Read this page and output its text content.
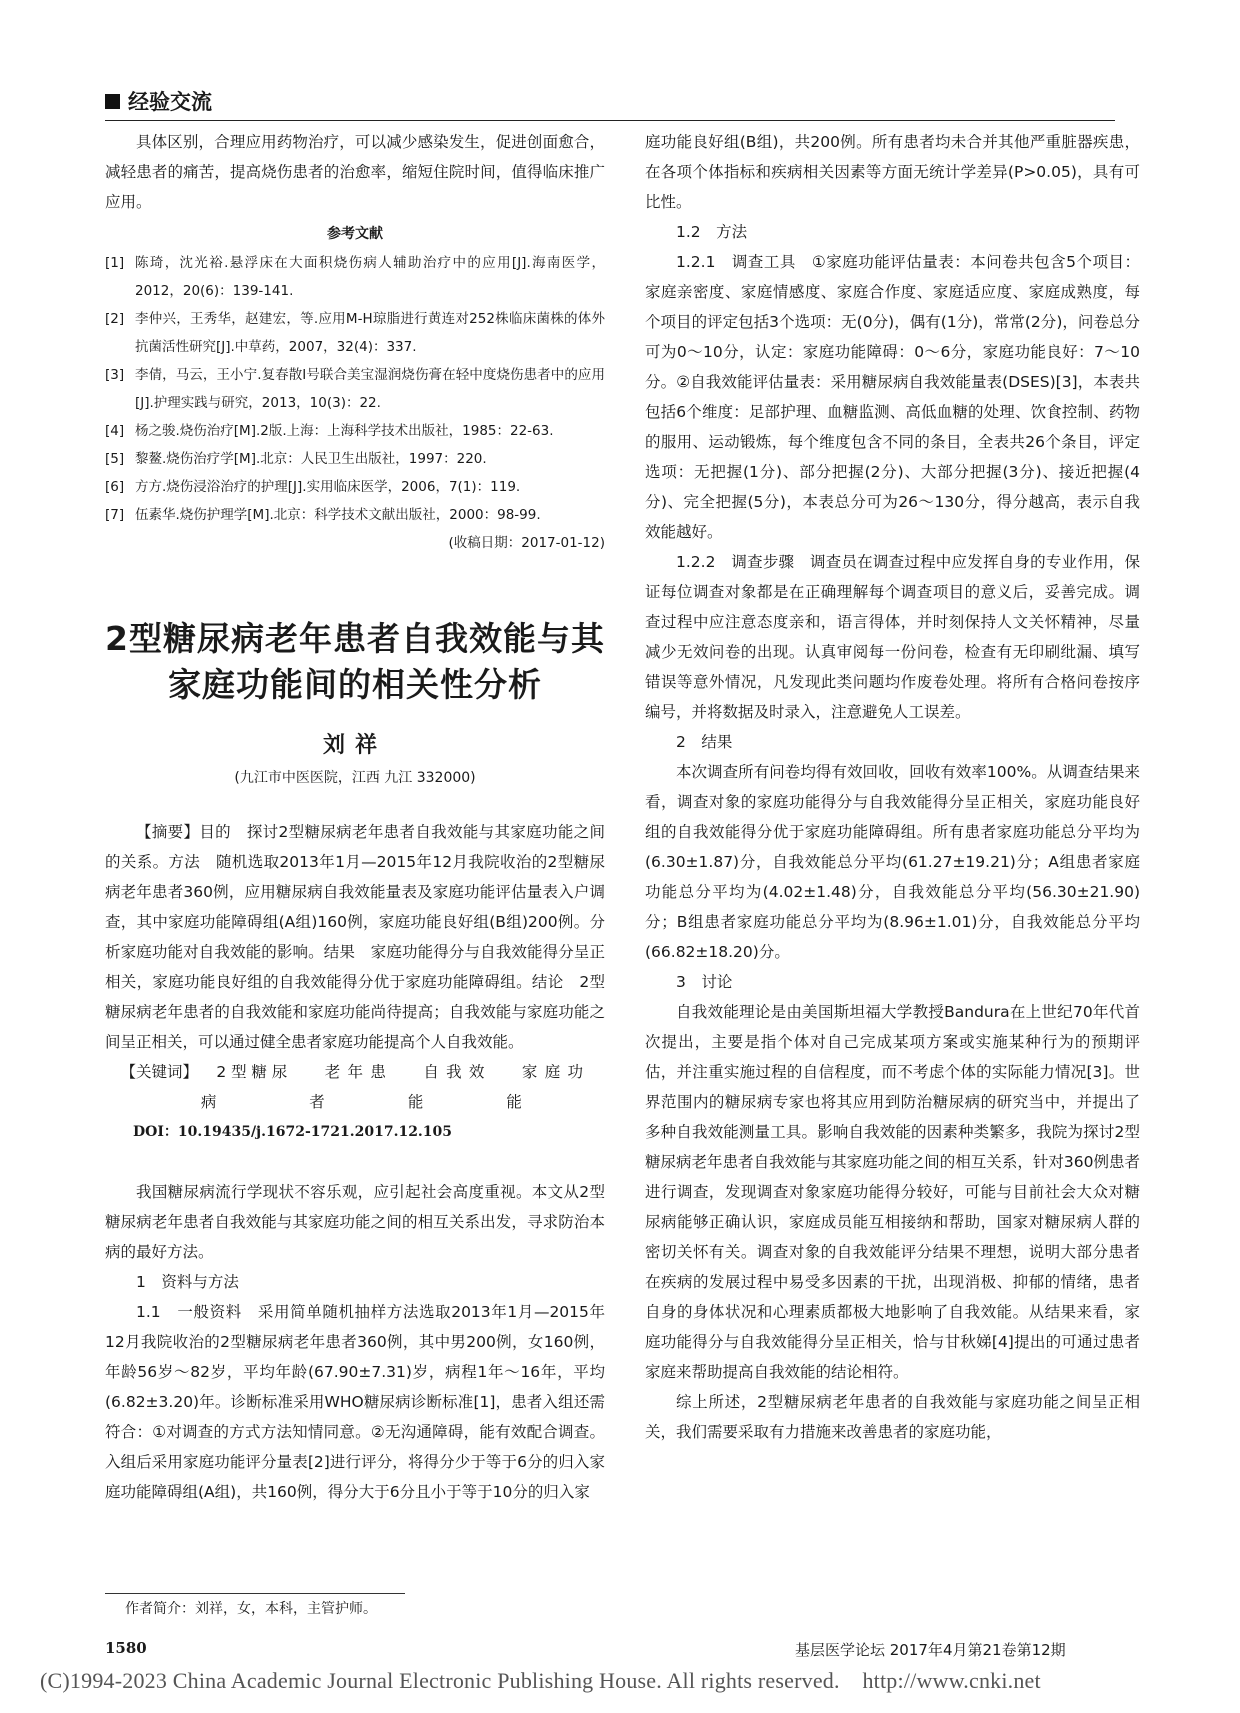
经验交流

具体区别，合理应用药物治疗，可以减少感染发生，促进创面愈合，减轻患者的痛苦，提高烧伤患者的治愈率，缩短住院时间，值得临床推广应用。

参考文献
[1] 陈琦，沈光裕.悬浮床在大面积烧伤病人辅助治疗中的应用[J].海南医学，2012，20(6)：139-141.
[2] 李仲兴，王秀华，赵建宏，等.应用M-H琼脂进行黄连对252株临床菌株的体外抗菌活性研究[J].中草药，2007，32(4)：337.
[3] 李倩，马云，王小宁.复春散Ⅰ号联合美宝湿润烧伤膏在轻中度烧伤患者中的应用[J].护理实践与研究，2013，10(3)：22.
[4] 杨之骏.烧伤治疗[M].2版.上海：上海科学技术出版社，1985：22-63.
[5] 黎鳌.烧伤治疗学[M].北京：人民卫生出版社，1997：220.
[6] 方方.烧伤浸浴治疗的护理[J].实用临床医学，2006，7(1)：119.
[7] 伍素华.烧伤护理学[M].北京：科学技术文献出版社，2000：98-99.
(收稿日期：2017-01-12)
2型糖尿病老年患者自我效能与其
家庭功能间的相关性分析
刘祥
(九江市中医医院，江西 九江 332000)

【摘要】目的　探讨2型糖尿病老年患者自我效能与其家庭功能之间的关系。方法　随机选取2013年1月—2015年12月我院收治的2型糖尿病老年患者360例，应用糖尿病自我效能量表及家庭功能评估量表入户调查，其中家庭功能障碍组(A组)160例，家庭功能良好组(B组)200例。分析家庭功能对自我效能的影响。结果　家庭功能得分与自我效能得分呈正相关，家庭功能良好组的自我效能得分优于家庭功能障碍组。结论　2型糖尿病老年患者的自我效能和家庭功能尚待提高；自我效能与家庭功能之间呈正相关，可以通过健全患者家庭功能提高个人自我效能。

【关键词】	2型糖尿病
老年患者
自我效能
家庭功能
DOI：10.19435/j.1672-1721.2017.12.105

我国糖尿病流行学现状不容乐观，应引起社会高度重视。本文从2型糖尿病老年患者自我效能与其家庭功能之间的相互关系出发，寻求防治本病的最好方法。

1　资料与方法

1.1　一般资料　采用简单随机抽样方法选取2013年1月—2015年12月我院收治的2型糖尿病老年患者360例，其中男200例，女160例，年龄56岁～82岁，平均年龄(67.90±7.31)岁，病程1年～16年，平均(6.82±3.20)年。诊断标准采用WHO糖尿病诊断标准[1]，患者入组还需符合：①对调查的方式方法知情同意。②无沟通障碍，能有效配合调查。入组后采用家庭功能评分量表[2]进行评分，将得分少于等于6分的归入家庭功能障碍组(A组)，共160例，得分大于6分且小于等于10分的归入家

庭功能良好组(B组)，共200例。所有患者均未合并其他严重脏器疾患，在各项个体指标和疾病相关因素等方面无统计学差异(P>0.05)，具有可比性。

1.2　方法

1.2.1　调查工具　①家庭功能评估量表：本问卷共包含5个项目：家庭亲密度、家庭情感度、家庭合作度、家庭适应度、家庭成熟度，每个项目的评定包括3个选项：无(0分)，偶有(1分)，常常(2分)，问卷总分可为0～10分，认定：家庭功能障碍：0～6分，家庭功能良好：7～10分。②自我效能评估量表：采用糖尿病自我效能量表(DSES)[3]，本表共包括6个维度：足部护理、血糖监测、高低血糖的处理、饮食控制、药物的服用、运动锻炼，每个维度包含不同的条目，全表共26个条目，评定选项：无把握(1分)、部分把握(2分)、大部分把握(3分)、接近把握(4分)、完全把握(5分)，本表总分可为26～130分，得分越高，表示自我效能越好。

1.2.2　调查步骤　调查员在调查过程中应发挥自身的专业作用，保证每位调查对象都是在正确理解每个调查项目的意义后，妥善完成。调查过程中应注意态度亲和，语言得体，并时刻保持人文关怀精神，尽量减少无效问卷的出现。认真审阅每一份问卷，检查有无印刷纰漏、填写错误等意外情况，凡发现此类问题均作废卷处理。将所有合格问卷按序编号，并将数据及时录入，注意避免人工误差。

2　结果

本次调查所有问卷均得有效回收，回收有效率100%。从调查结果来看，调查对象的家庭功能得分与自我效能得分呈正相关，家庭功能良好组的自我效能得分优于家庭功能障碍组。所有患者家庭功能总分平均为(6.30±1.87)分，自我效能总分平均(61.27±19.21)分；A组患者家庭功能总分平均为(4.02±1.48)分，自我效能总分平均(56.30±21.90)分；B组患者家庭功能总分平均为(8.96±1.01)分，自我效能总分平均(66.82±18.20)分。

3　讨论

自我效能理论是由美国斯坦福大学教授Bandura在上世纪70年代首次提出，主要是指个体对自己完成某项方案或实施某种行为的预期评估，并注重实施过程的自信程度，而不考虑个体的实际能力情况[3]。世界范围内的糖尿病专家也将其应用到防治糖尿病的研究当中，并提出了多种自我效能测量工具。影响自我效能的因素种类繁多，我院为探讨2型糖尿病老年患者自我效能与其家庭功能之间的相互关系，针对360例患者进行调查，发现调查对象家庭功能得分较好，可能与目前社会大众对糖尿病能够正确认识，家庭成员能互相接纳和帮助，国家对糖尿病人群的密切关怀有关。调查对象的自我效能评分结果不理想，说明大部分患者在疾病的发展过程中易受多因素的干扰，出现消极、抑郁的情绪，患者自身的身体状况和心理素质都极大地影响了自我效能。从结果来看，家庭功能得分与自我效能得分呈正相关，恰与甘秋娣[4]提出的可通过患者家庭来帮助提高自我效能的结论相符。

综上所述，2型糖尿病老年患者的自我效能与家庭功能之间呈正相关，我们需要采取有力措施来改善患者的家庭功能，

作者简介：刘祥，女，本科，主管护师。
1580	基层医学论坛 2017年4月第21卷第12期
(C)1994-2023 China Academic Journal Electronic Publishing House. All rights reserved.    http://www.cnki.net
